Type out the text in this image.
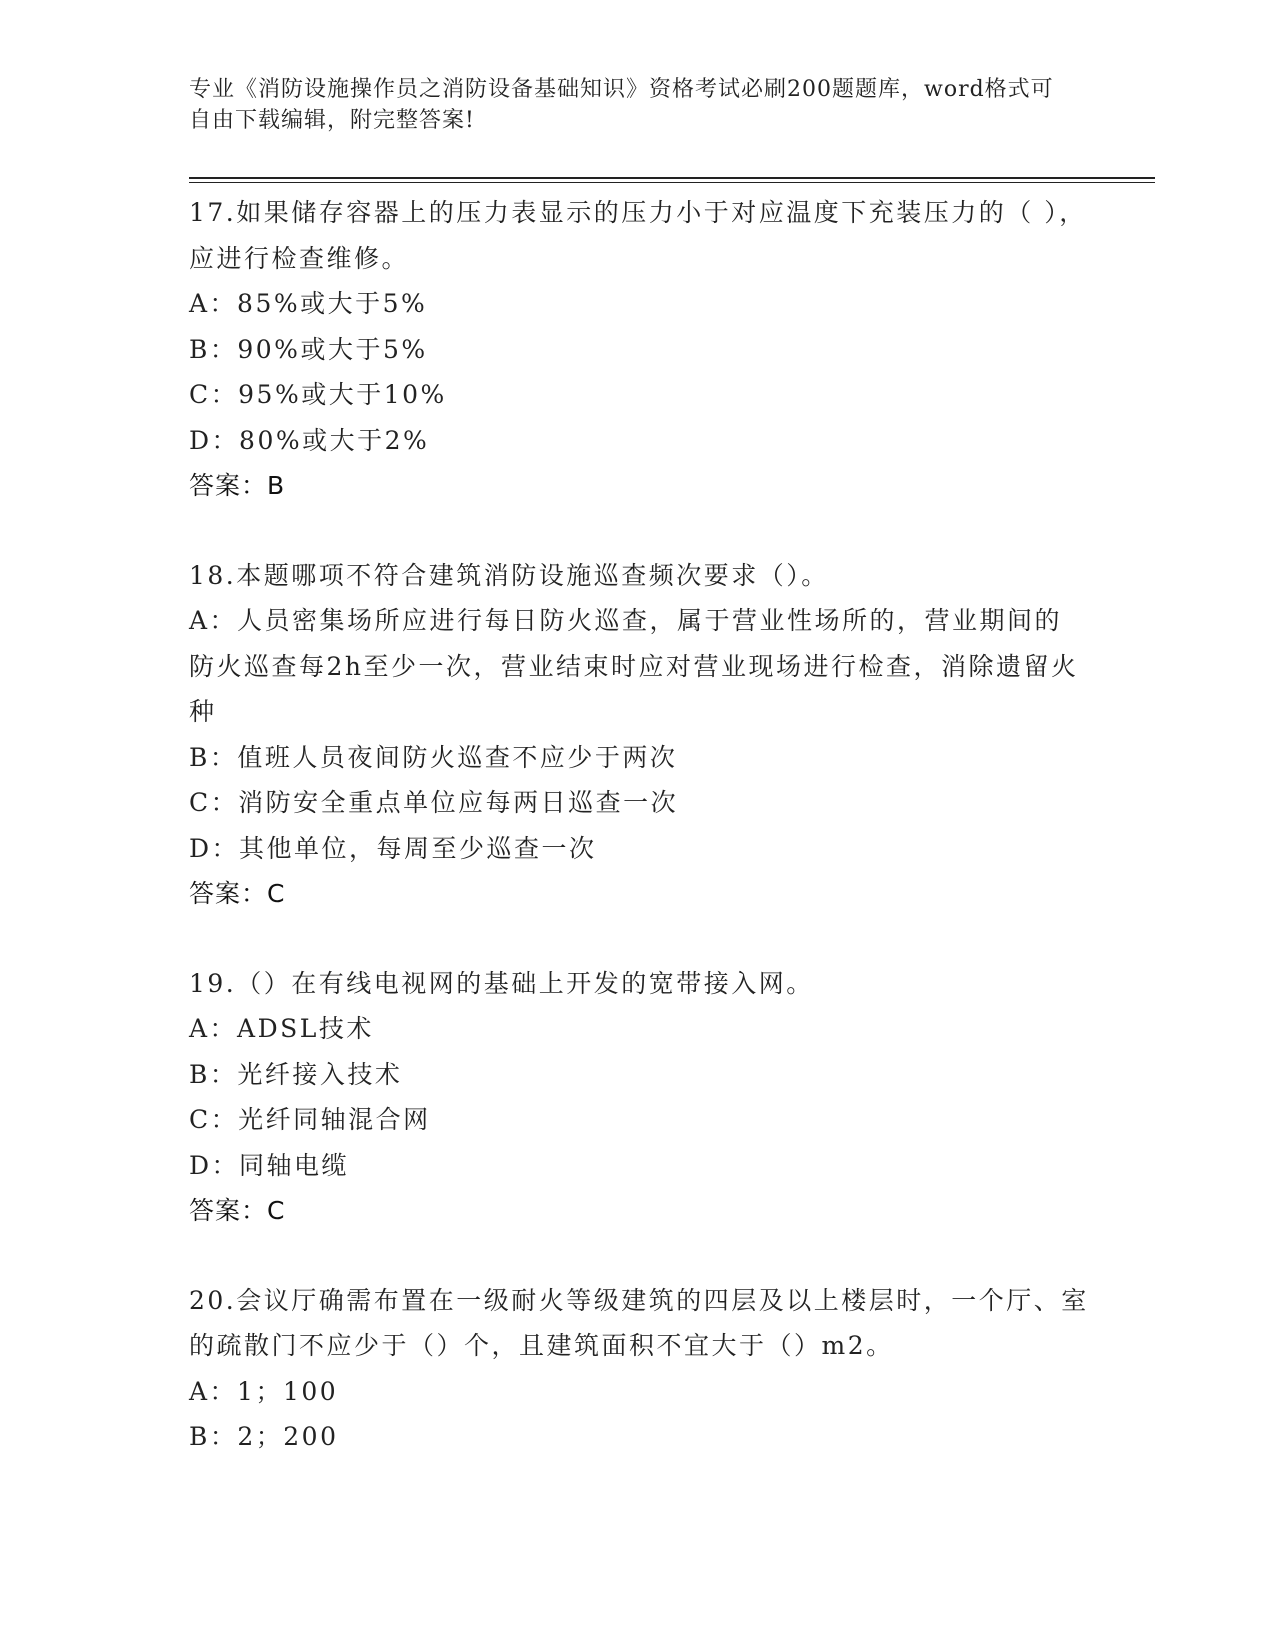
专业《消防设施操作员之消防设备基础知识》资格考试必刷200题题库，word格式可自由下载编辑，附完整答案!
17.如果储存容器上的压力表显示的压力小于对应温度下充装压力的（ ），应进行检查维修。
A：85%或大于5%
B：90%或大于5%
C：95%或大于10%
D：80%或大于2%
答案：B
18.本题哪项不符合建筑消防设施巡查频次要求（）。
A：人员密集场所应进行每日防火巡查，属于营业性场所的，营业期间的防火巡查每2h至少一次，营业结束时应对营业现场进行检查，消除遗留火种
B：值班人员夜间防火巡查不应少于两次
C：消防安全重点单位应每两日巡查一次
D：其他单位，每周至少巡查一次
答案：C
19.（）在有线电视网的基础上开发的宽带接入网。
A：ADSL技术
B：光纤接入技术
C：光纤同轴混合网
D：同轴电缆
答案：C
20.会议厅确需布置在一级耐火等级建筑的四层及以上楼层时，一个厅、室的疏散门不应少于（）个，且建筑面积不宜大于（）m2。
A：1；100
B：2；200
